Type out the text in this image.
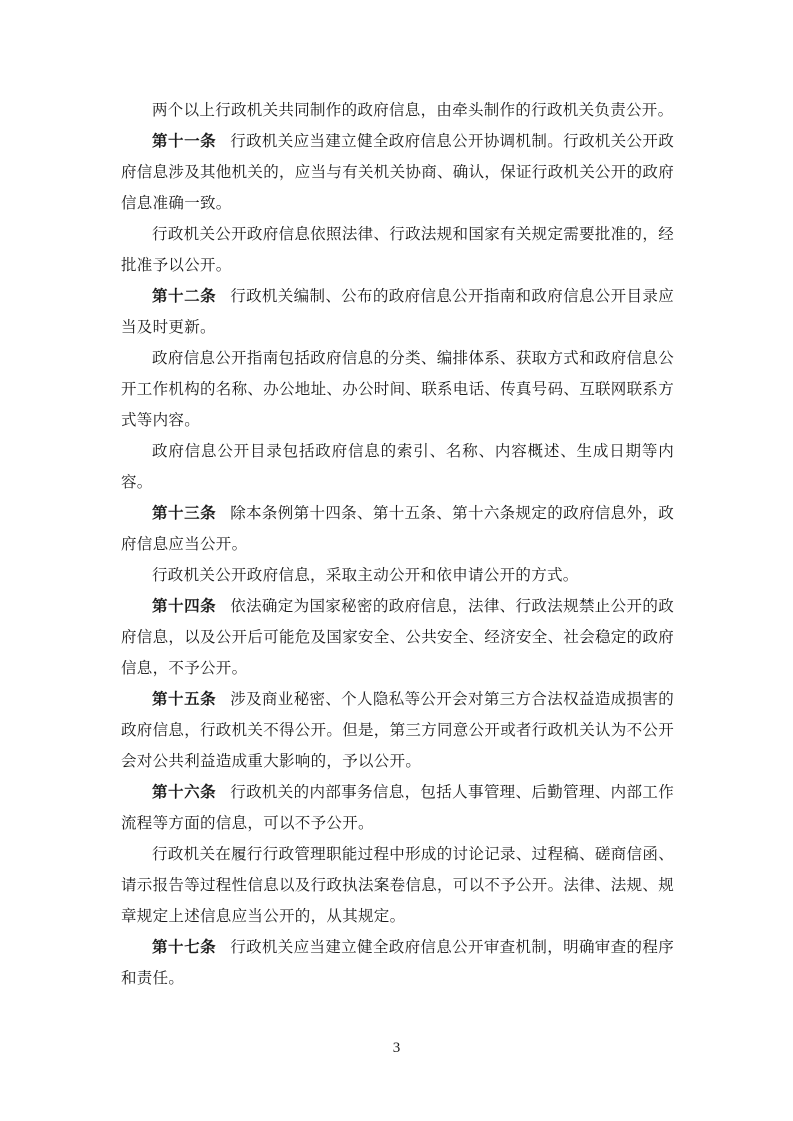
两个以上行政机关共同制作的政府信息，由牵头制作的行政机关负责公开。

第十一条 行政机关应当建立健全政府信息公开协调机制。行政机关公开政府信息涉及其他机关的，应当与有关机关协商、确认，保证行政机关公开的政府信息准确一致。

行政机关公开政府信息依照法律、行政法规和国家有关规定需要批准的，经批准予以公开。

第十二条 行政机关编制、公布的政府信息公开指南和政府信息公开目录应当及时更新。

政府信息公开指南包括政府信息的分类、编排体系、获取方式和政府信息公开工作机构的名称、办公地址、办公时间、联系电话、传真号码、互联网联系方式等内容。

政府信息公开目录包括政府信息的索引、名称、内容概述、生成日期等内容。

第十三条 除本条例第十四条、第十五条、第十六条规定的政府信息外，政府信息应当公开。

行政机关公开政府信息，采取主动公开和依申请公开的方式。

第十四条 依法确定为国家秘密的政府信息，法律、行政法规禁止公开的政府信息，以及公开后可能危及国家安全、公共安全、经济安全、社会稳定的政府信息，不予公开。

第十五条 涉及商业秘密、个人隐私等公开会对第三方合法权益造成损害的政府信息，行政机关不得公开。但是，第三方同意公开或者行政机关认为不公开会对公共利益造成重大影响的，予以公开。

第十六条 行政机关的内部事务信息，包括人事管理、后勤管理、内部工作流程等方面的信息，可以不予公开。

行政机关在履行行政管理职能过程中形成的讨论记录、过程稿、磋商信函、请示报告等过程性信息以及行政执法案卷信息，可以不予公开。法律、法规、规章规定上述信息应当公开的，从其规定。

第十七条 行政机关应当建立健全政府信息公开审查机制，明确审查的程序和责任。

3
